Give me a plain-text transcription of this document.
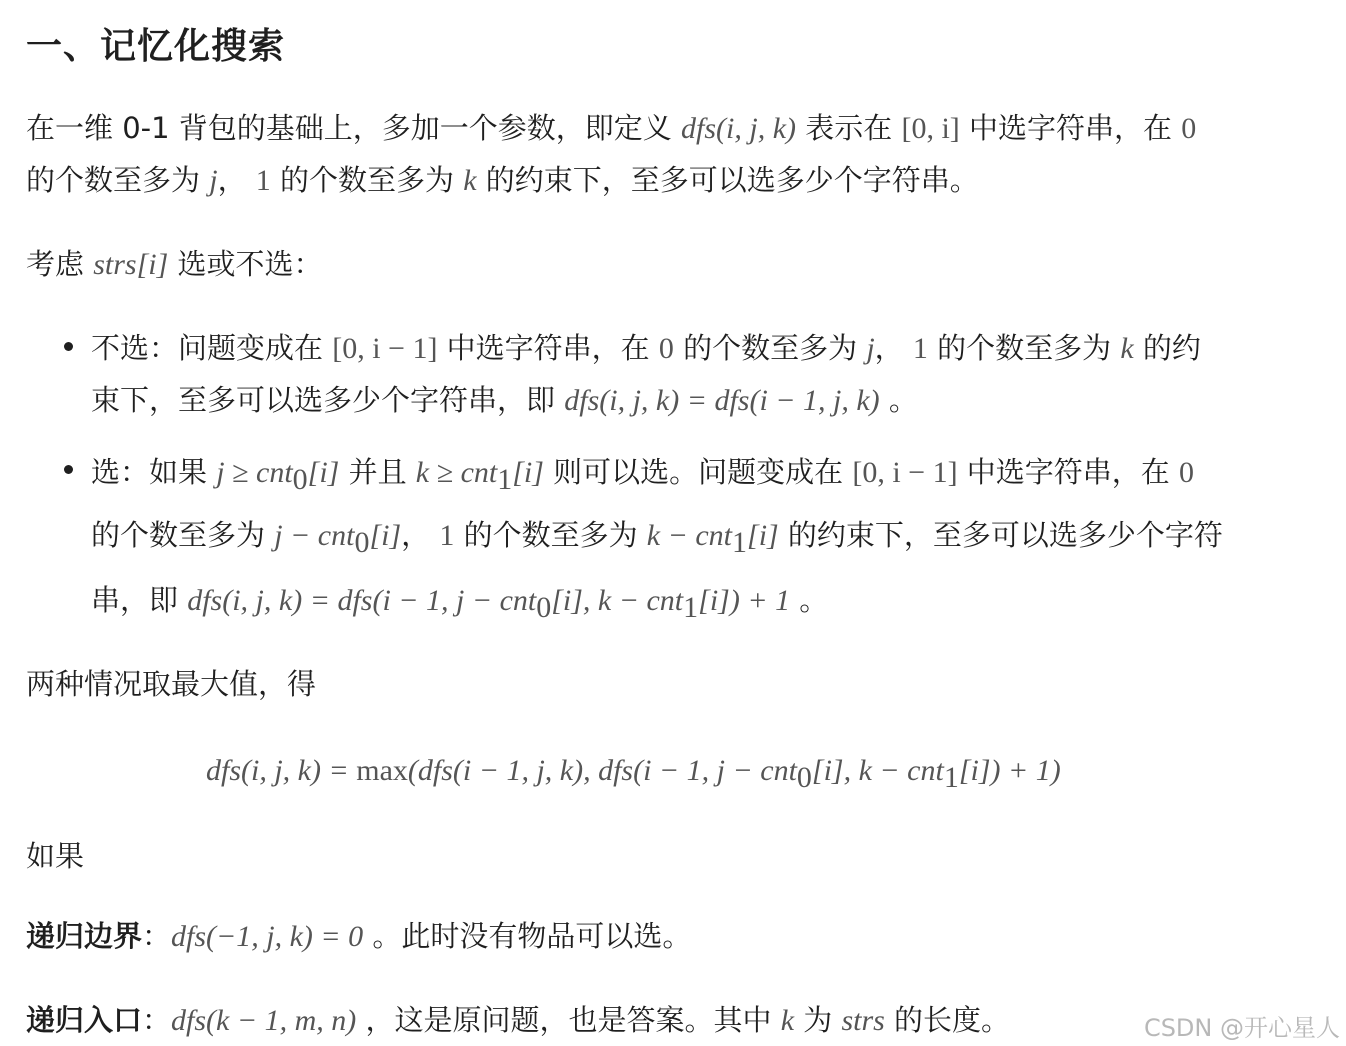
一、记忆化搜索
在一维 0-1 背包的基础上，多加一个参数，即定义 dfs(i, j, k) 表示在 [0, i] 中选字符串，在 0
的个数至多为 j， 1 的个数至多为 k 的约束下，至多可以选多少个字符串。
考虑 strs[i] 选或不选：
不选：问题变成在 [0, i − 1] 中选字符串，在 0 的个数至多为 j， 1 的个数至多为 k 的约
束下，至多可以选多少个字符串，即 dfs(i, j, k) = dfs(i − 1, j, k) 。
选：如果 j ≥ cnt$_0$[i] 并且 k ≥ cnt$_1$[i] 则可以选。问题变成在 [0, i − 1] 中选字符串，在 0
的个数至多为 j − cnt$_0$[i]， 1 的个数至多为 k − cnt$_1$[i] 的约束下，至多可以选多少个字符
串，即 dfs(i, j, k) = dfs(i − 1, j − cnt$_0$[i], k − cnt$_1$[i]) + 1 。
两种情况取最大值，得
dfs(i, j, k) = max(dfs(i − 1, j, k), dfs(i − 1, j − cnt$_0$[i], k − cnt$_1$[i]) + 1)
如果
递归边界：dfs(−1, j, k) = 0 。此时没有物品可以选。
递归入口：dfs(k − 1, m, n) ，这是原问题，也是答案。其中 k 为 strs 的长度。	CSDN @开心星人
